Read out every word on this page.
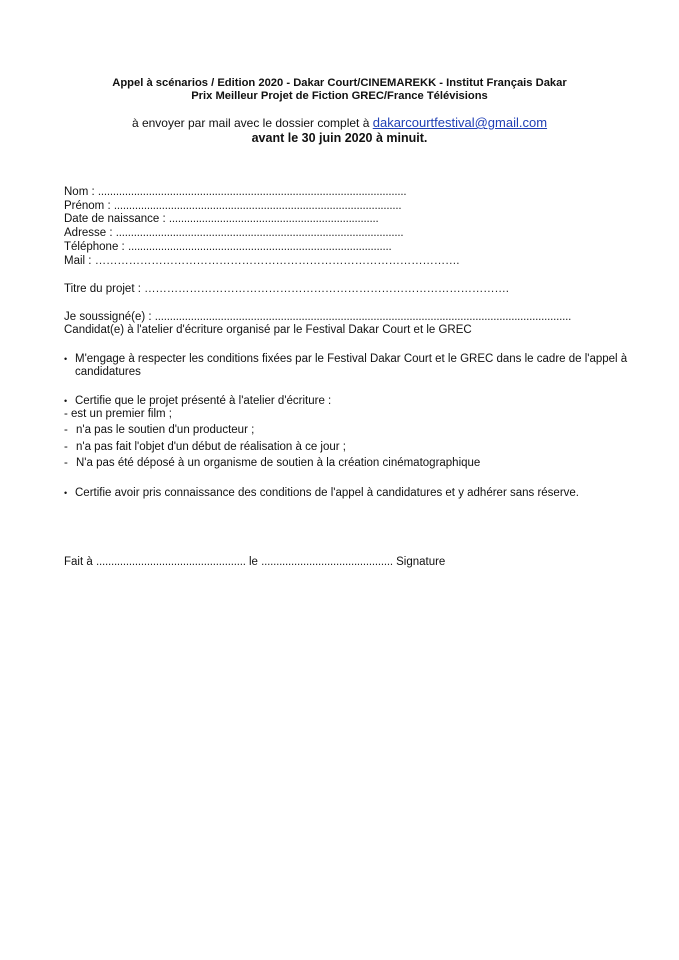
Appel à scénarios / Edition 2020 - Dakar Court/CINEMAREKK - Institut Français Dakar
Prix Meilleur Projet de Fiction GREC/France Télévisions
à envoyer par mail avec le dossier complet à dakarcourtfestival@gmail.com
avant le 30 juin 2020 à minuit.
Nom : .......................................................................................................
Prénom : ................................................................................................
Date de naissance : ......................................................................
Adresse : ................................................................................................
Téléphone : ........................................................................................
Mail : …………………………………………………………………………………….
Titre du projet : …………………………………………………………………………………….
Je soussigné(e) : ...........................................................................................................................................
Candidat(e) à l'atelier d'écriture organisé par le Festival Dakar Court et le GREC
• M'engage à respecter les conditions fixées par le Festival Dakar Court et le GREC dans le cadre de l'appel à
candidatures
• Certifie que le projet présenté à l'atelier d'écriture :
- est un premier film ;
- n'a pas le soutien d'un producteur ;
- n'a pas fait l'objet d'un début de réalisation à ce jour ;
- N'a pas été déposé à un organisme de soutien à la création cinématographique
• Certifie avoir pris connaissance des conditions de l'appel à candidatures et y adhérer sans réserve.
Fait à .................................................. le ............................................ Signature
